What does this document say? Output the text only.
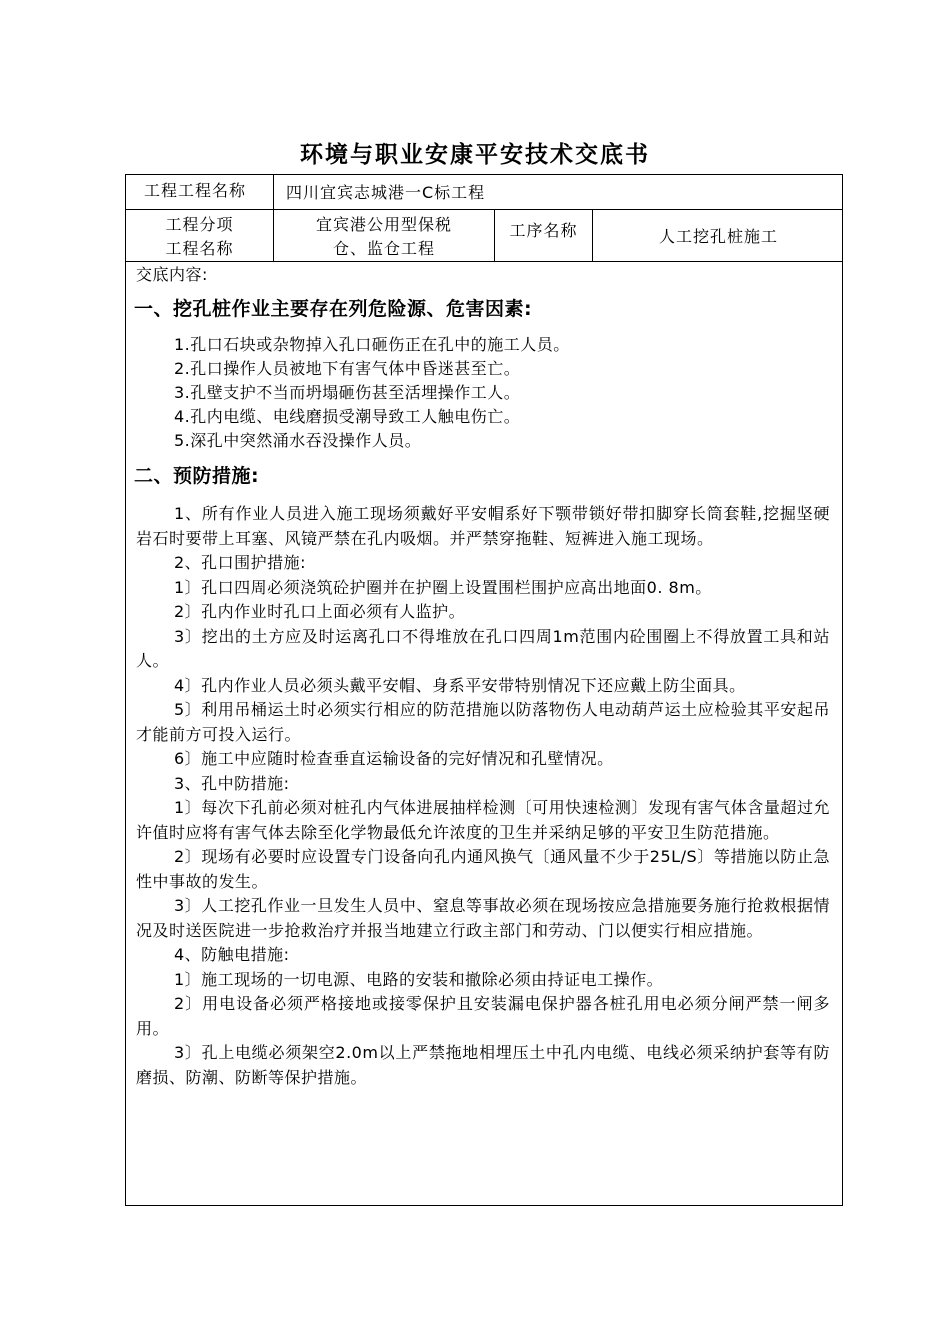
环境与职业安康平安技术交底书
工程工程名称 四川宜宾志城港一C标工程
工程分项
工程名称
宜宾港公用型保税
仓、监仓工程
工序名称	人工挖孔桩施工
交底内容:
一、挖孔桩作业主要存在列危险源、危害因素:
1.孔口石块或杂物掉入孔口砸伤正在孔中的施工人员。
2.孔口操作人员被地下有害气体中昏迷甚至亡。
3.孔壁支护不当而坍塌砸伤甚至活埋操作工人。
4.孔内电缆、电线磨损受潮导致工人触电伤亡。
5.深孔中突然涌水吞没操作人员。
二、预防措施:
1、所有作业人员进入施工现场须戴好平安帽系好下颚带锁好带扣脚穿长筒套鞋,挖掘坚硬岩石时要带上耳塞、风镜严禁在孔内吸烟。并严禁穿拖鞋、短裤进入施工现场。
2、孔口围护措施:
1〕孔口四周必须浇筑砼护圈并在护圈上设置围栏围护应高出地面0. 8m。
2〕孔内作业时孔口上面必须有人监护。
3〕挖出的土方应及时运离孔口不得堆放在孔口四周1m范围内砼围圈上不得放置工具和站人。
4〕孔内作业人员必须头戴平安帽、身系平安带特别情况下还应戴上防尘面具。
5〕利用吊桶运土时必须实行相应的防范措施以防落物伤人电动葫芦运土应检验其平安起吊才能前方可投入运行。
6〕施工中应随时检查垂直运输设备的完好情况和孔壁情况。
3、孔中防措施:
1〕每次下孔前必须对桩孔内气体进展抽样检测〔可用快速检测〕发现有害气体含量超过允许值时应将有害气体去除至化学物最低允许浓度的卫生并采纳足够的平安卫生防范措施。
2〕现场有必要时应设置专门设备向孔内通风换气〔通风量不少于25L/S〕等措施以防止急性中事故的发生。
3〕人工挖孔作业一旦发生人员中、窒息等事故必须在现场按应急措施要务施行抢救根据情况及时送医院进一步抢救治疗并报当地建立行政主部门和劳动、门以便实行相应措施。
4、防触电措施:
1〕施工现场的一切电源、电路的安装和撤除必须由持证电工操作。
2〕用电设备必须严格接地或接零保护且安装漏电保护器各桩孔用电必须分闸严禁一闸多用。
3〕孔上电缆必须架空2.0m以上严禁拖地相埋压土中孔内电缆、电线必须采纳护套等有防磨损、防潮、防断等保护措施。
